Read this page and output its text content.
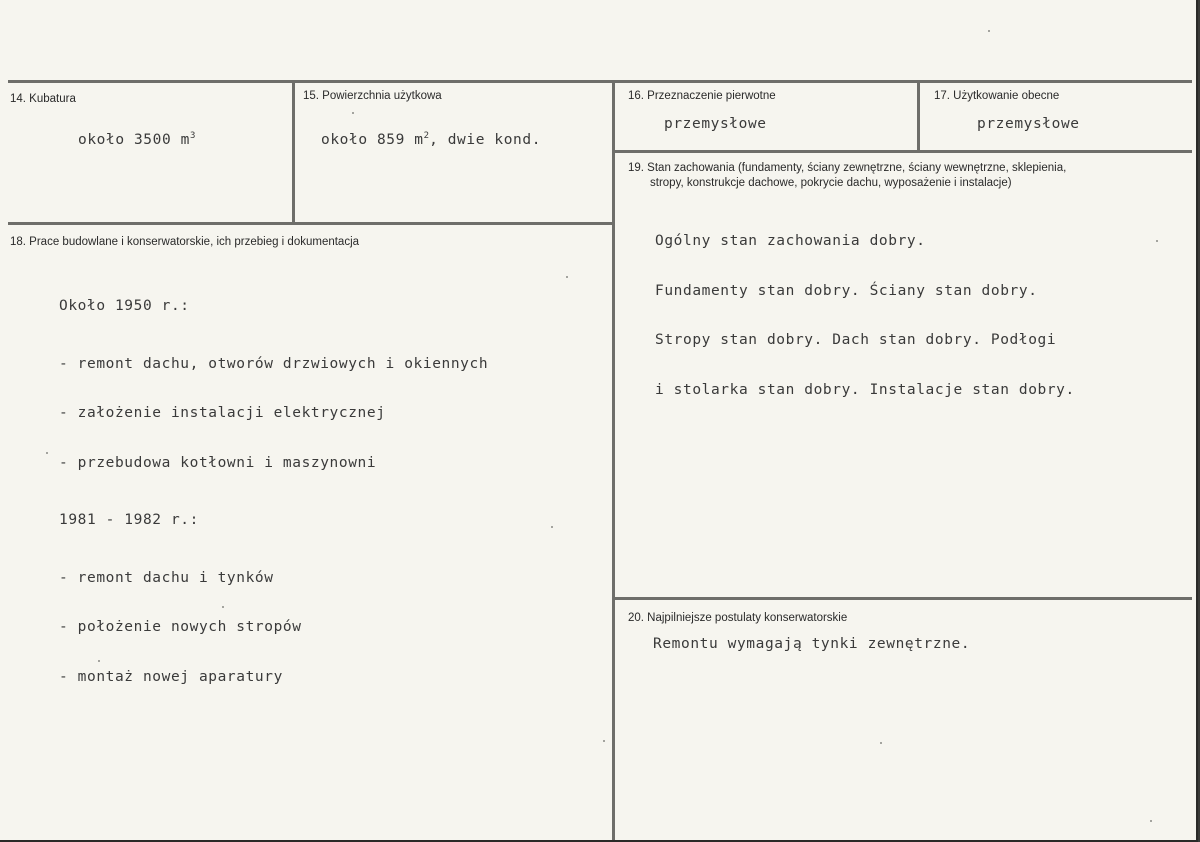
14. Kubatura
około 3500 $m^3$
15. Powierzchnia użytkowa
około 859 $m^2$, dwie kond.
16. Przeznaczenie pierwotne
przemysłowe
17. Użytkowanie obecne
przemysłowe
18. Prace budowlane i konserwatorskie, ich przebieg i dokumentacja

Około 1950 r.:

- remont dachu, otworów drzwiowych i okiennych

- założenie instalacji elektrycznej

- przebudowa kotłowni i maszynowni

1981 - 1982 r.:

- remont dachu i tynków

- położenie nowych stropów

- montaż nowej aparatury

19. Stan zachowania (fundamenty, ściany zewnętrzne, ściany wewnętrzne, sklepienia,
stropy, konstrukcje dachowe, pokrycie dachu, wyposażenie i instalacje)

Ogólny stan zachowania dobry.

Fundamenty stan dobry. Ściany stan dobry.

Stropy stan dobry. Dach stan dobry. Podłogi

i stolarka stan dobry. Instalacje stan dobry.

20. Najpilniejsze postulaty konserwatorskie
Remontu wymagają tynki zewnętrzne.
